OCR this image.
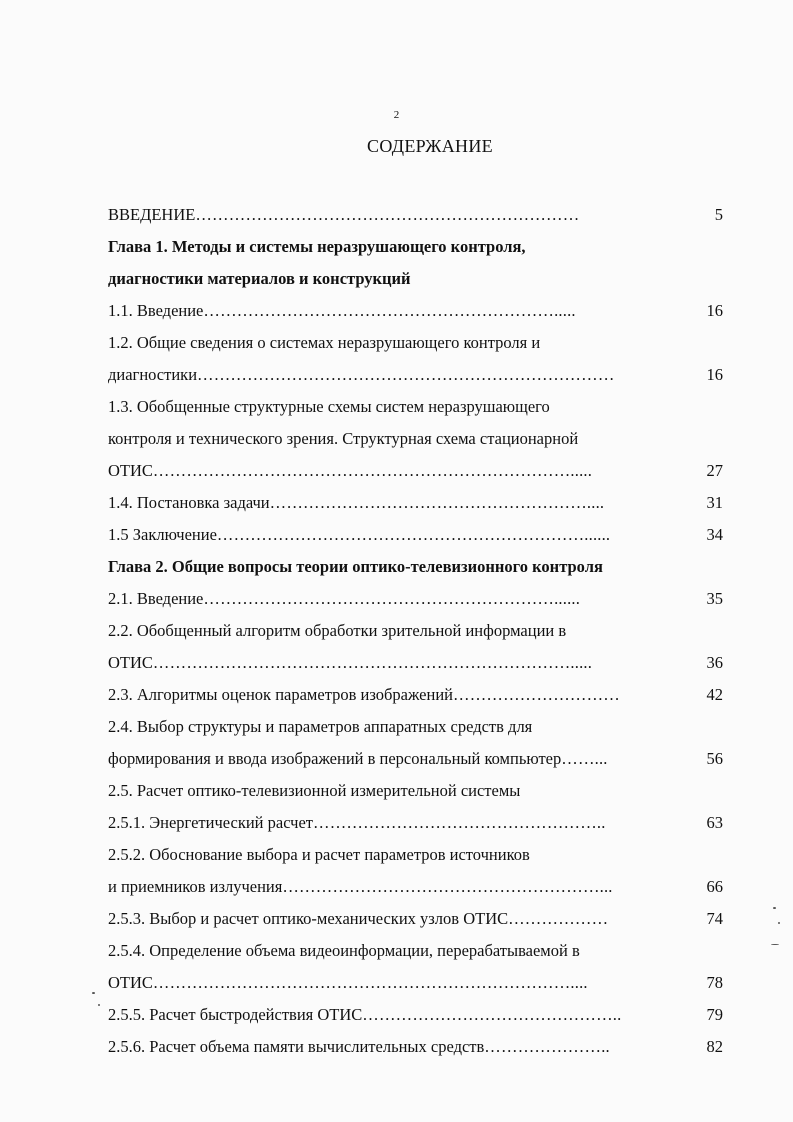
2
СОДЕРЖАНИЕ
ВВЕДЕНИЕ……………………………………………………………	5
Глава 1. Методы и системы неразрушающего контроля,
диагностики материалов и конструкций
1.1. Введение……………………………………………………….....	16
1.2. Общие сведения о системах неразрушающего контроля и
диагностики…………………………………………………………………	16
1.3. Обобщенные структурные схемы систем неразрушающего
контроля и технического зрения. Структурная схема стационарной
ОТИС………………………………………………………………….....	27
1.4. Постановка задачи…………………………………………………....	31
1.5 Заключение…………………………………………………………......	34
Глава 2. Общие вопросы теории оптико-телевизионного контроля
2.1. Введение………………………………………………………......	35
2.2. Обобщенный алгоритм обработки зрительной информации в
ОТИС………………………………………………………………….....	36
2.3. Алгоритмы оценок параметров изображений…………………………	42
2.4. Выбор структуры и параметров аппаратных средств для
формирования и ввода изображений в персональный компьютер……...	56
2.5. Расчет оптико-телевизионной измерительной системы
2.5.1. Энергетический расчет……………………………………………..	63
2.5.2. Обоснование выбора и расчет параметров источников
и приемников излучения…………………………………………………...	66
2.5.3. Выбор и расчет оптико-механических узлов ОТИС………………	74
2.5.4. Определение объема видеоинформации, перерабатываемой в
ОТИС…………………………………………………………………....	78
2.5.5. Расчет быстродействия ОТИС………………………………………..	79
2.5.6. Расчет объема памяти вычислительных средств…………………..	82
